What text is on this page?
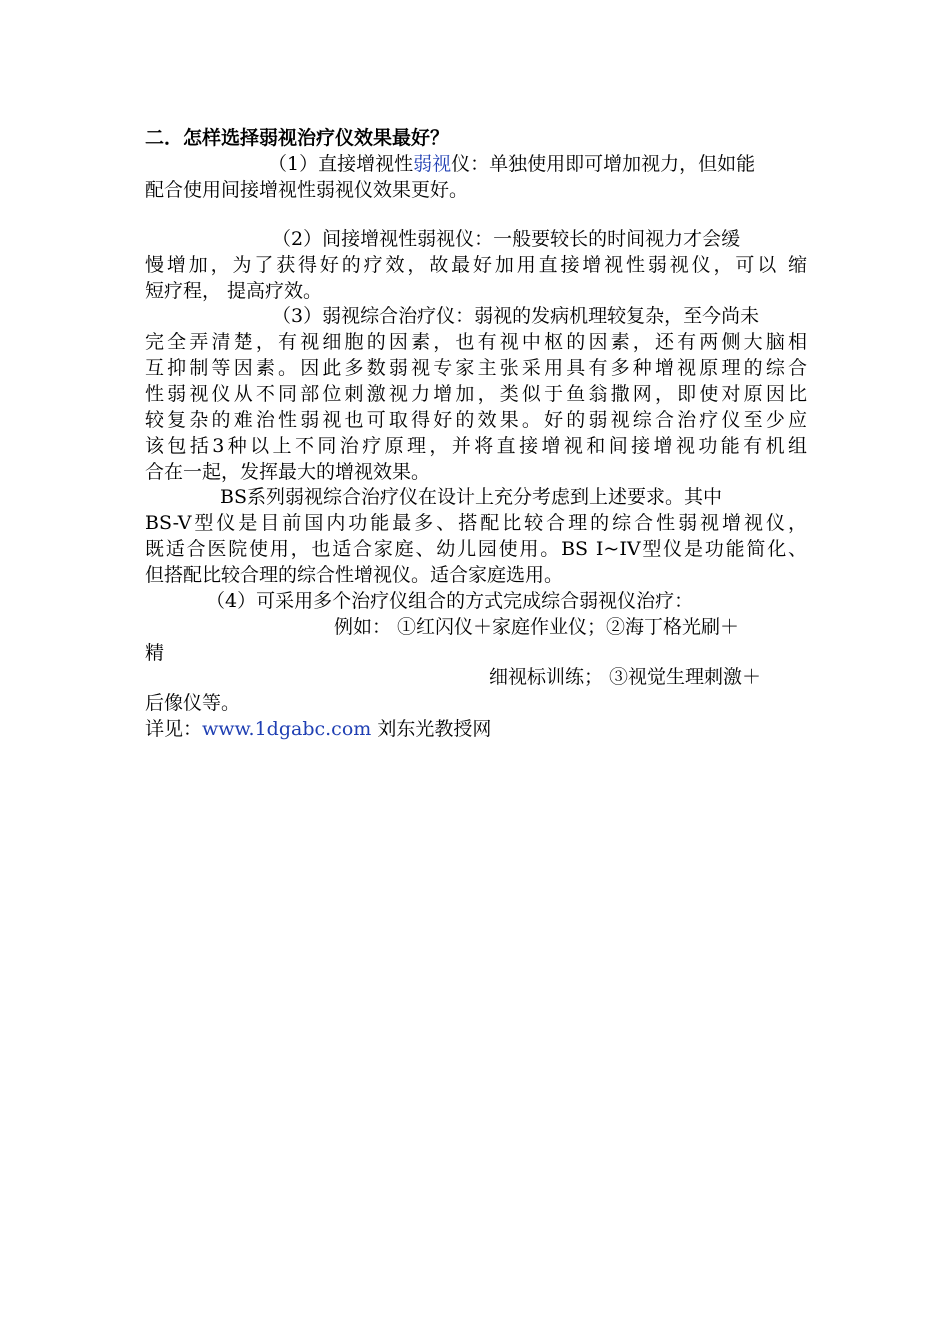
二．怎样选择弱视治疗仪效果最好？
（1）直接增视性弱视仪：单独使用即可增加视力，但如能
配合使用间接增视性弱视仪效果更好。
（2）间接增视性弱视仪：一般要较长的时间视力才会缓
慢增加，为了获得好的疗效，故最好加用直接增视性弱视仪，可以 缩
短疗程， 提高疗效。
（3）弱视综合治疗仪：弱视的发病机理较复杂，至今尚未
完全弄清楚，有视细胞的因素，也有视中枢的因素，还有两侧大脑相
互抑制等因素。因此多数弱视专家主张采用具有多种增视原理的综合
性弱视仪从不同部位刺激视力增加，类似于鱼翁撒网，即使对原因比
较复杂的难治性弱视也可取得好的效果。好的弱视综合治疗仪至少应
该包括3种以上不同治疗原理，并将直接增视和间接增视功能有机组
合在一起，发挥最大的增视效果。
BS系列弱视综合治疗仪在设计上充分考虑到上述要求。其中
BS-V型仪是目前国内功能最多、搭配比较合理的综合性弱视增视仪，
既适合医院使用，也适合家庭、幼儿园使用。BS I~IV型仪是功能简化、
但搭配比较合理的综合性增视仪。适合家庭选用。
（4）可采用多个治疗仪组合的方式完成综合弱视仪治疗：
例如： ①红闪仪＋家庭作业仪；②海丁格光刷＋
精
细视标训练； ③视觉生理刺激＋
后像仪等。
详见：www.1dgabc.com 刘东光教授网
